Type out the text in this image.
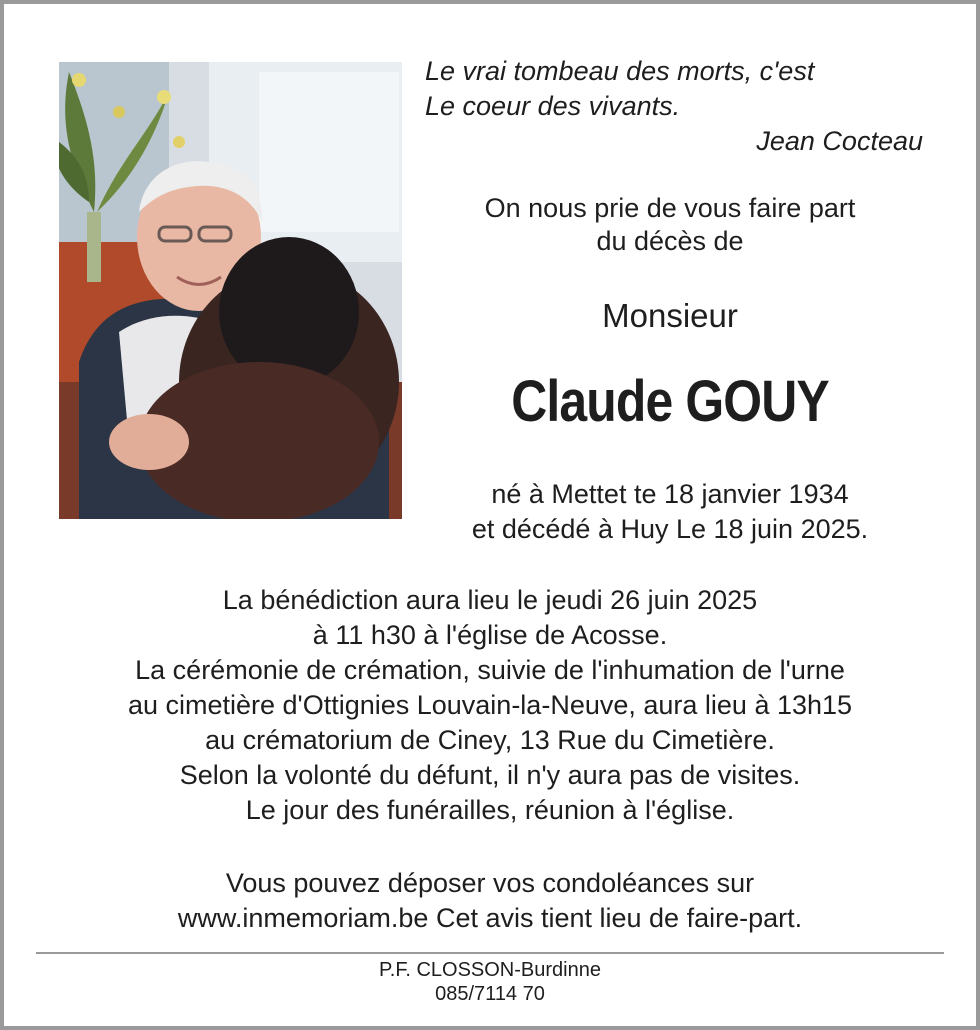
Le vrai tombeau des morts, c'est
Le coeur des vivants.
Jean Cocteau
On nous prie de vous faire part
du décès de
Monsieur
Claude GOUY
né à Mettet te 18 janvier 1934
et décédé à Huy Le 18 juin 2025.
La bénédiction aura lieu le jeudi 26 juin 2025
à 11 h30 à l'église de Acosse.
La cérémonie de crémation, suivie de l'inhumation de l'urne
au cimetière d'Ottignies Louvain-la-Neuve, aura lieu à 13h15
au crématorium de Ciney, 13 Rue du Cimetière.
Selon la volonté du défunt, il n'y aura pas de visites.
Le jour des funérailles, réunion à l'église.
Vous pouvez déposer vos condoléances sur
www.inmemoriam.be Cet avis tient lieu de faire-part.
P.F. CLOSSON-Burdinne
085/7114 70
